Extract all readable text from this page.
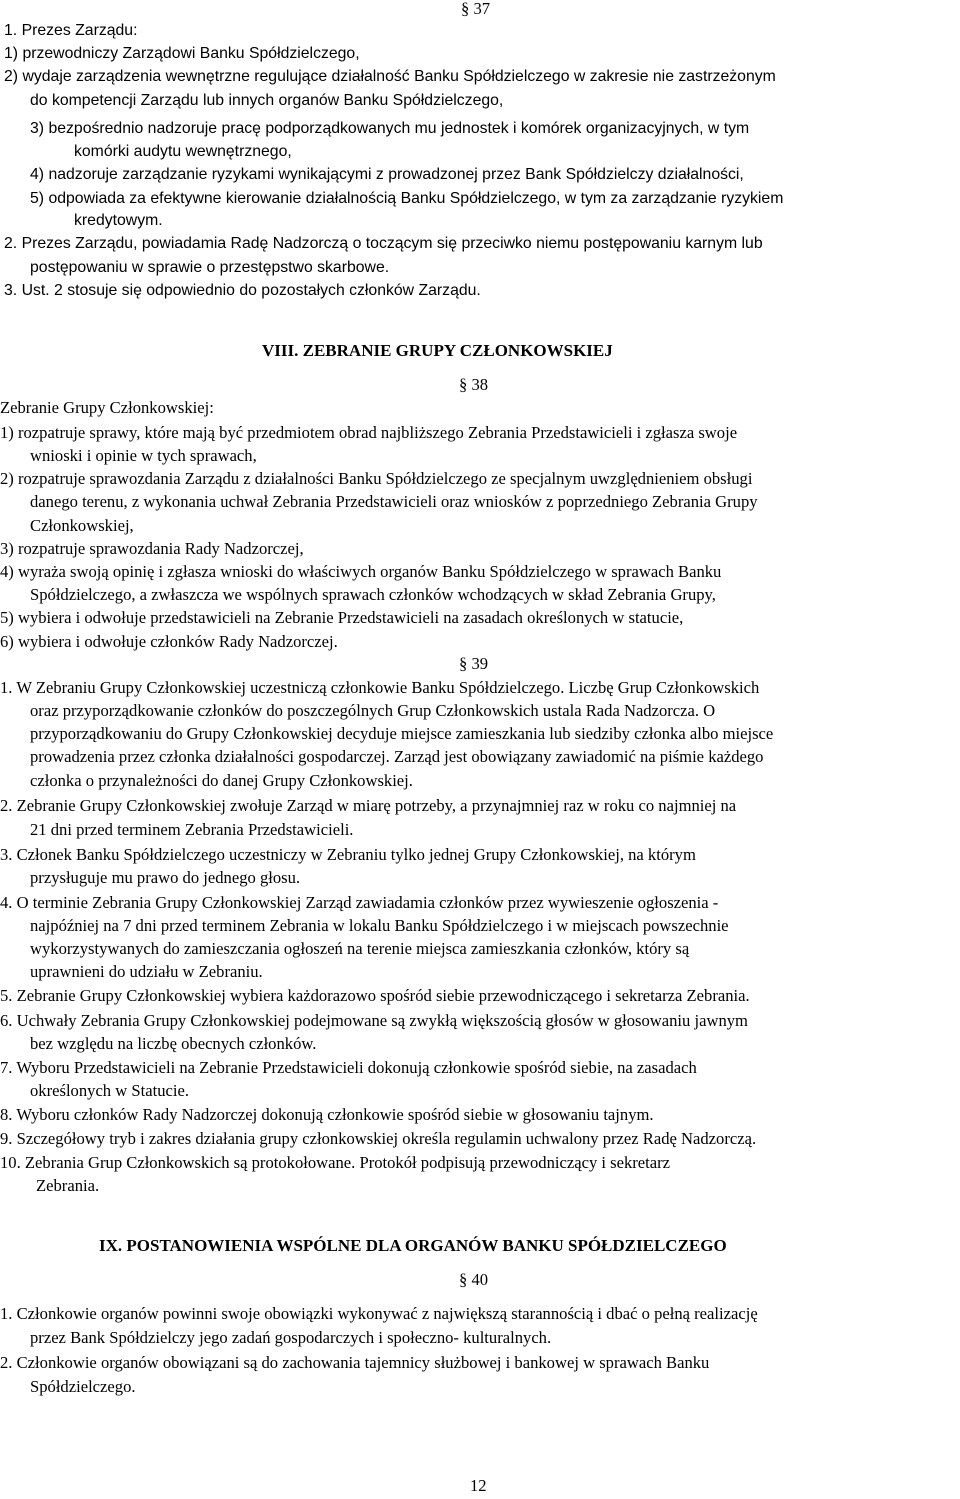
§ 37
1. Prezes Zarządu:
1) przewodniczy Zarządowi Banku Spółdzielczego,
2) wydaje zarządzenia wewnętrzne regulujące działalność Banku Spółdzielczego w zakresie nie zastrzeżonym
do kompetencji Zarządu lub innych organów Banku Spółdzielczego,
3) bezpośrednio nadzoruje pracę podporządkowanych mu jednostek i komórek organizacyjnych, w tym
komórki audytu wewnętrznego,
4) nadzoruje zarządzanie ryzykami wynikającymi z prowadzonej przez Bank Spółdzielczy działalności,
5) odpowiada za efektywne kierowanie działalnością Banku Spółdzielczego, w tym za zarządzanie ryzykiem
kredytowym.
2. Prezes Zarządu, powiadamia Radę Nadzorczą o toczącym się przeciwko niemu postępowaniu karnym lub
postępowaniu w sprawie o przestępstwo skarbowe.
3. Ust. 2 stosuje się odpowiednio do pozostałych członków Zarządu.
VIII. ZEBRANIE GRUPY CZŁONKOWSKIEJ
§ 38
Zebranie Grupy Członkowskiej:
1) rozpatruje sprawy, które mają być przedmiotem obrad najbliższego Zebrania Przedstawicieli i zgłasza swoje
wnioski i opinie w tych sprawach,
2) rozpatruje sprawozdania Zarządu z działalności Banku Spółdzielczego ze specjalnym uwzględnieniem obsługi
danego terenu, z wykonania uchwał Zebrania Przedstawicieli oraz wniosków z poprzedniego Zebrania Grupy
Członkowskiej,
3) rozpatruje sprawozdania Rady Nadzorczej,
4) wyraża swoją opinię i zgłasza wnioski do właściwych organów Banku Spółdzielczego w sprawach Banku
Spółdzielczego, a zwłaszcza we wspólnych sprawach członków wchodzących w skład Zebrania Grupy,
5) wybiera i odwołuje przedstawicieli na Zebranie Przedstawicieli na zasadach określonych w statucie,
6) wybiera i odwołuje członków Rady Nadzorczej.
§ 39
1. W Zebraniu Grupy Członkowskiej uczestniczą członkowie Banku Spółdzielczego. Liczbę Grup Członkowskich
oraz przyporządkowanie członków do poszczególnych Grup Członkowskich ustala Rada Nadzorcza. O
przyporządkowaniu do Grupy Członkowskiej decyduje miejsce zamieszkania lub siedziby członka albo miejsce
prowadzenia przez członka działalności gospodarczej. Zarząd jest obowiązany zawiadomić na piśmie każdego
członka o przynależności do danej Grupy Członkowskiej.
2. Zebranie Grupy Członkowskiej zwołuje Zarząd w miarę potrzeby, a przynajmniej raz w roku co najmniej na
21 dni przed terminem Zebrania Przedstawicieli.
3. Członek Banku Spółdzielczego uczestniczy w Zebraniu tylko jednej Grupy Członkowskiej, na którym
przysługuje mu prawo do jednego głosu.
4. O terminie Zebrania Grupy Członkowskiej Zarząd zawiadamia członków przez wywieszenie ogłoszenia -
najpóźniej na 7 dni przed terminem Zebrania w lokalu Banku Spółdzielczego i w miejscach powszechnie
wykorzystywanych do zamieszczania ogłoszeń na terenie miejsca zamieszkania członków, który są
uprawnieni do udziału w Zebraniu.
5. Zebranie Grupy Członkowskiej wybiera każdorazowo spośród siebie przewodniczącego i sekretarza Zebrania.
6. Uchwały Zebrania Grupy Członkowskiej podejmowane są zwykłą większością głosów w głosowaniu jawnym
bez względu na liczbę obecnych członków.
7. Wyboru Przedstawicieli na Zebranie Przedstawicieli dokonują członkowie spośród siebie, na zasadach
określonych w Statucie.
8. Wyboru członków Rady Nadzorczej dokonują członkowie spośród siebie w głosowaniu tajnym.
9. Szczegółowy tryb i zakres działania grupy członkowskiej określa regulamin uchwalony przez Radę Nadzorczą.
10. Zebrania Grup Członkowskich są protokołowane. Protokół podpisują przewodniczący i sekretarz
Zebrania.
IX. POSTANOWIENIA WSPÓLNE DLA ORGANÓW BANKU SPÓŁDZIELCZEGO
§ 40
1. Członkowie organów powinni swoje obowiązki wykonywać z największą starannością i dbać o pełną realizację
przez Bank Spółdzielczy jego zadań gospodarczych i społeczno- kulturalnych.
2. Członkowie organów obowiązani są do zachowania tajemnicy służbowej i bankowej w sprawach Banku
Spółdzielczego.
12
